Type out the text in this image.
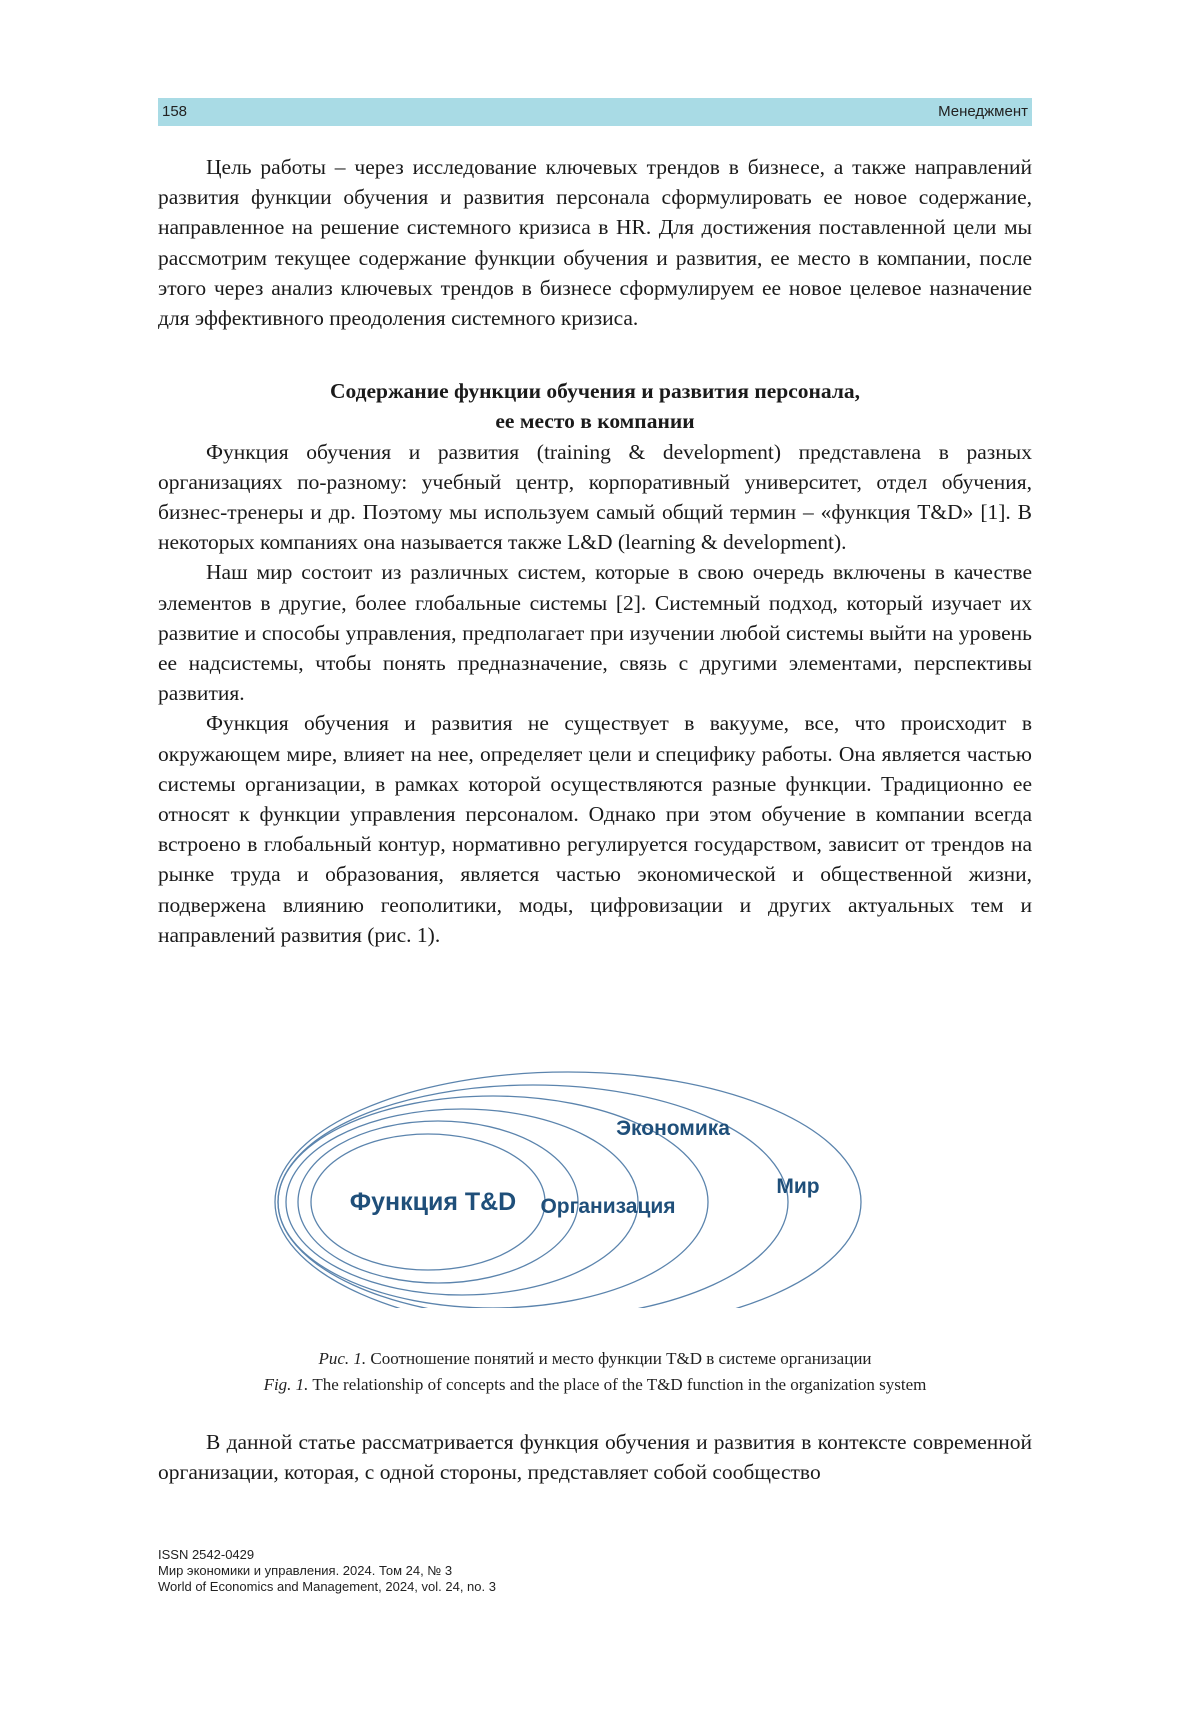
158	Менеджмент

Цель работы – через исследование ключевых трендов в бизнесе, а также направлений развития функции обучения и развития персонала сформулировать ее новое содержание, направленное на решение системного кризиса в HR. Для достижения поставленной цели мы рассмотрим текущее содержание функции обучения и развития, ее место в компании, после этого через анализ ключевых трендов в бизнесе сформулируем ее новое целевое назначение для эффективного преодоления системного кризиса.

Содержание функции обучения и развития персонала,
ее место в компании

Функция обучения и развития (training & development) представлена в разных организациях по-разному: учебный центр, корпоративный университет, отдел обучения, бизнес-тренеры и др. Поэтому мы используем самый общий термин – «функция T&D» [1]. В некоторых компаниях она называется также L&D (learning & development).

Наш мир состоит из различных систем, которые в свою очередь включены в качестве элементов в другие, более глобальные системы [2]. Системный подход, который изучает их развитие и способы управления, предполагает при изучении любой системы выйти на уровень ее надсистемы, чтобы понять предназначение, связь с другими элементами, перспективы развития.

Функция обучения и развития не существует в вакууме, все, что происходит в окружающем мире, влияет на нее, определяет цели и специфику работы. Она является частью системы организации, в рамках которой осуществляются разные функции. Традиционно ее относят к функции управления персоналом. Однако при этом обучение в компании всегда встроено в глобальный контур, нормативно регулируется государством, зависит от трендов на рынке труда и образования, является частью экономической и общественной жизни, подвержена влиянию геополитики, моды, цифровизации и других актуальных тем и направлений развития (рис. 1).

Функция T&D Организация
Экономика
Мир
Рис. 1. Соотношение понятий и место функции T&D в системе организации
Fig. 1. The relationship of concepts and the place of the T&D function in the organization system

В данной статье рассматривается функция обучения и развития в контексте современной организации, которая, с одной стороны, представляет собой сообщество

ISSN 2542-0429
Мир экономики и управления. 2024. Том 24, № 3
World of Economics and Management, 2024, vol. 24, no. 3
